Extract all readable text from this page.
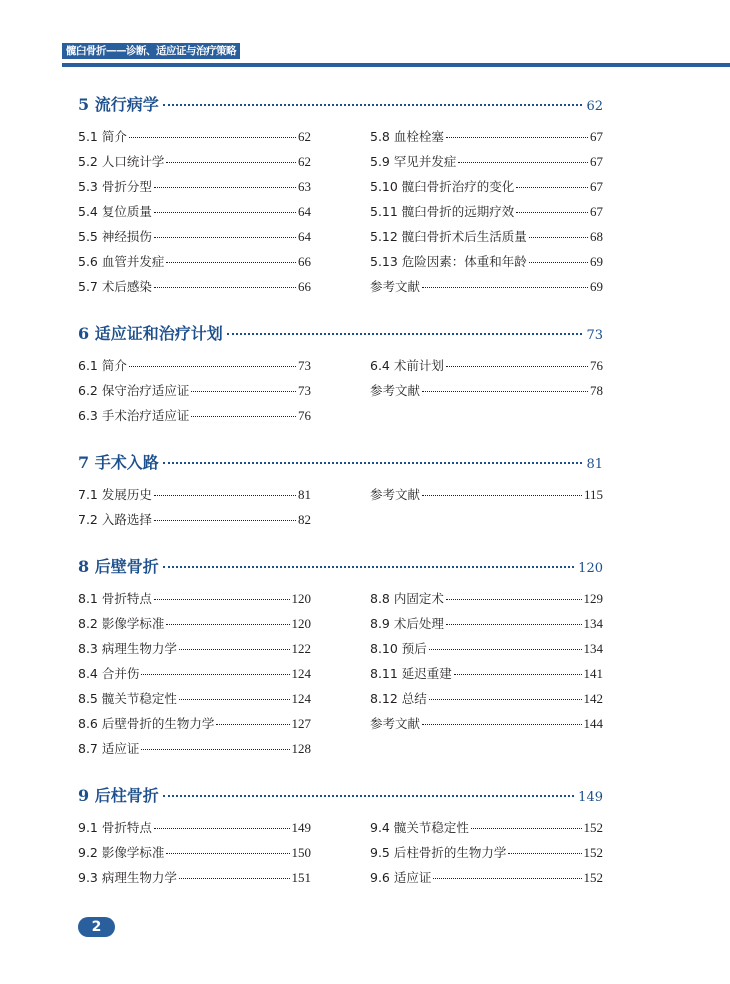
髋臼骨折——诊断、适应证与治疗策略
5 流行病学	62
5.1 简介	62
5.2 人口统计学	62
5.3 骨折分型	63
5.4 复位质量	64
5.5 神经损伤	64
5.6 血管并发症	66
5.7 术后感染	66
5.8 血栓栓塞	67
5.9 罕见并发症	67
5.10 髋臼骨折治疗的变化	67
5.11 髋臼骨折的远期疗效	67
5.12 髋臼骨折术后生活质量	68
5.13 危险因素：体重和年龄	69
参考文献	69
6 适应证和治疗计划	73
6.1 简介	73
6.2 保守治疗适应证	73
6.3 手术治疗适应证	76
6.4 术前计划	76
参考文献	78
7 手术入路	81
7.1 发展历史	81
7.2 入路选择	82
参考文献	115
8 后壁骨折	120
8.1 骨折特点	120
8.2 影像学标准	120
8.3 病理生物力学	122
8.4 合并伤	124
8.5 髋关节稳定性	124
8.6 后壁骨折的生物力学	127
8.7 适应证	128
8.8 内固定术	129
8.9 术后处理	134
8.10 预后	134
8.11 延迟重建	141
8.12 总结	142
参考文献	144
9 后柱骨折	149
9.1 骨折特点	149
9.2 影像学标准	150
9.3 病理生物力学	151
9.4 髋关节稳定性	152
9.5 后柱骨折的生物力学	152
9.6 适应证	152
2
